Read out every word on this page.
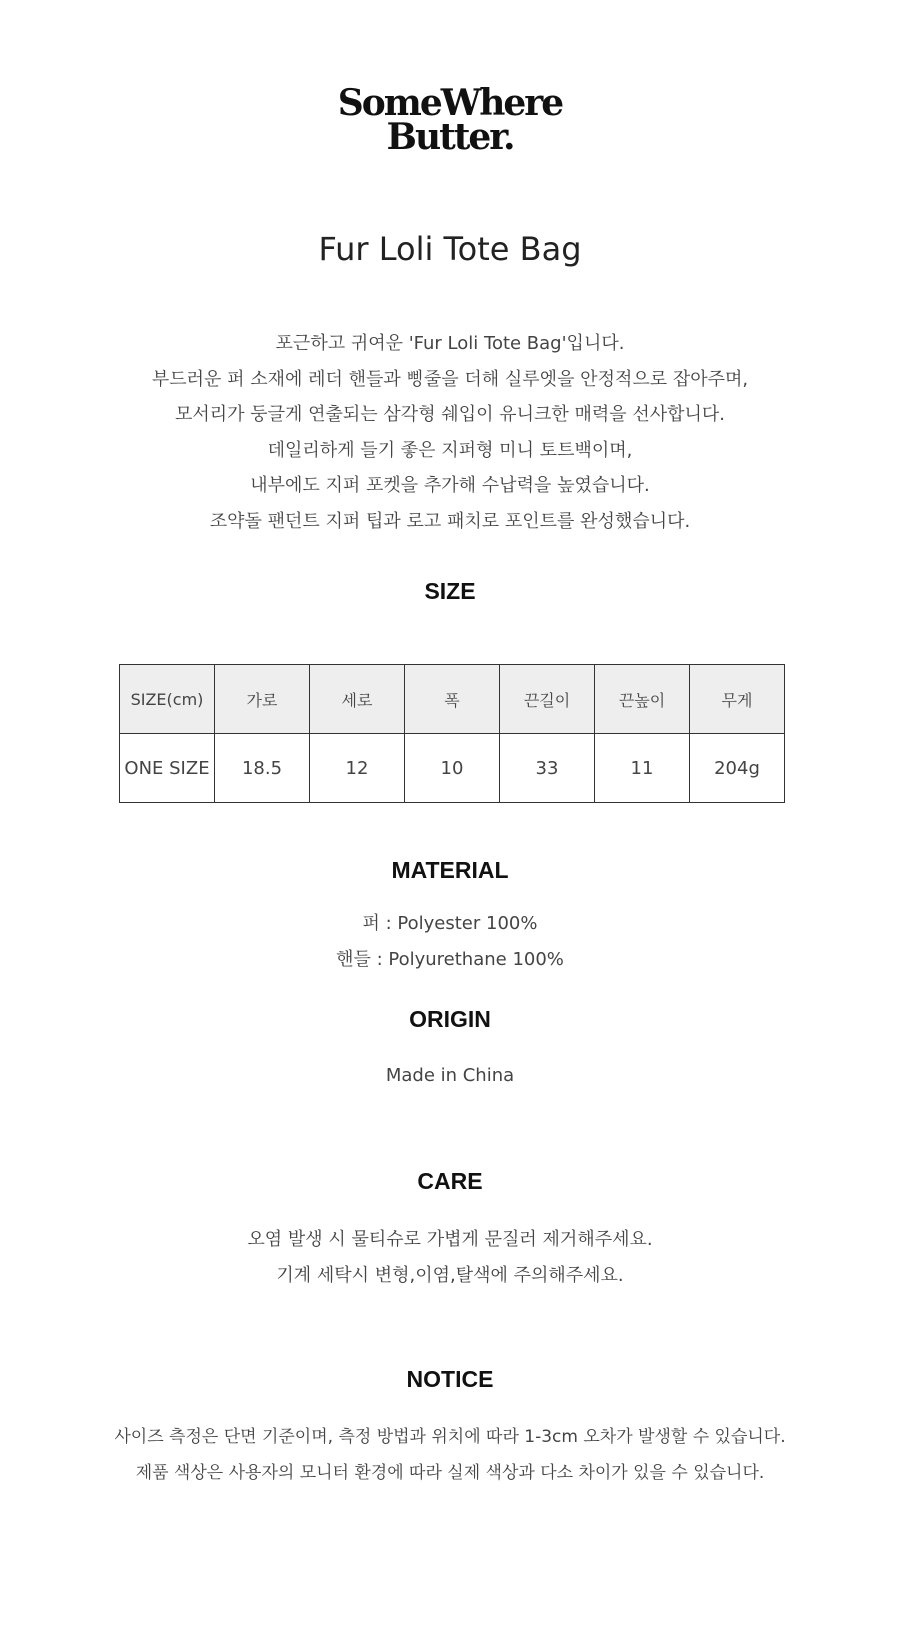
SomeWhere
Butter.
Fur Loli Tote Bag
포근하고 귀여운 'Fur Loli Tote Bag'입니다.
부드러운 퍼 소재에 레더 핸들과 삥줄을 더해 실루엣을 안정적으로 잡아주며,
모서리가 둥글게 연출되는 삼각형 쉐입이 유니크한 매력을 선사합니다.
데일리하게 들기 좋은 지퍼형 미니 토트백이며,
내부에도 지퍼 포켓을 추가해 수납력을 높였습니다.
조약돌 팬던트 지퍼 팁과 로고 패치로 포인트를 완성했습니다.
SIZE
SIZE(cm)	가로	세로	폭	끈길이	끈높이	무게
ONE SIZE	18.5	12	10	33	11	204g
MATERIAL
퍼 : Polyester 100%
핸들 : Polyurethane 100%
ORIGIN
Made in China
CARE
오염 발생 시 물티슈로 가볍게 문질러 제거해주세요.
기계 세탁시 변형,이염,탈색에 주의해주세요.
NOTICE
사이즈 측정은 단면 기준이며, 측정 방법과 위치에 따라 1-3cm 오차가 발생할 수 있습니다.
제품 색상은 사용자의 모니터 환경에 따라 실제 색상과 다소 차이가 있을 수 있습니다.
